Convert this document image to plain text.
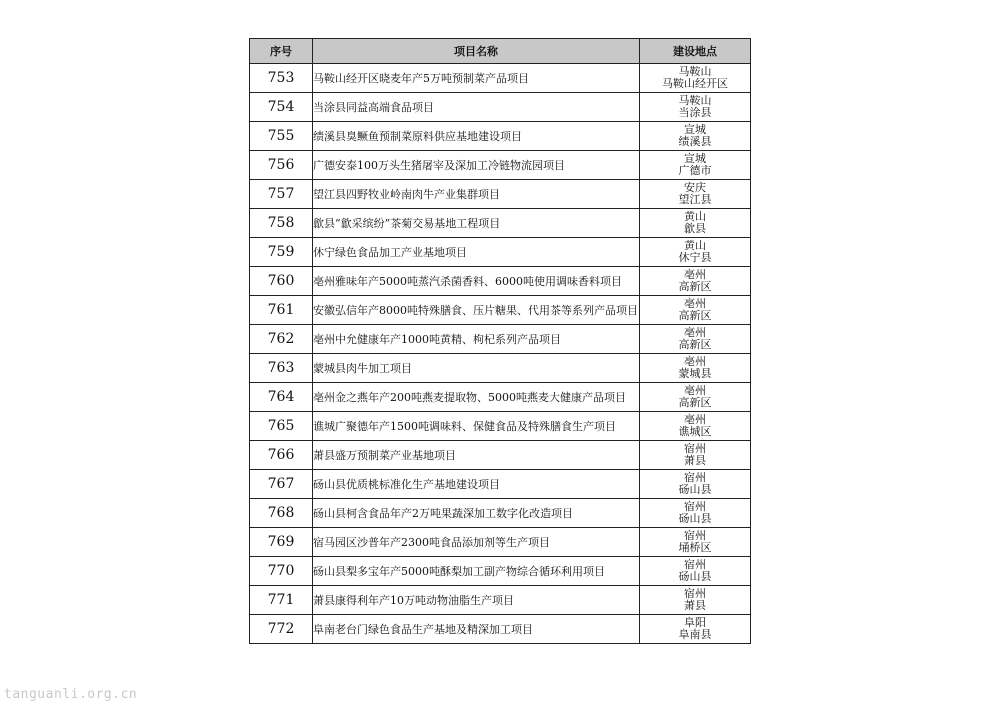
序号	项目名称	建设地点
753	马鞍山经开区晓麦年产5万吨预制菜产品项目	马鞍山
马鞍山经开区

754	当涂县同益高端食品项目	马鞍山
当涂县

755	绩溪县臭鳜鱼预制菜原料供应基地建设项目	宣城
绩溪县

756	广德安泰100万头生猪屠宰及深加工冷链物流园项目	宣城
广德市

757	望江县四野牧业岭南肉牛产业集群项目	安庆
望江县

758	歙县“歙采缤纷”茶菊交易基地工程项目	黄山
歙县

759	休宁绿色食品加工产业基地项目	黄山
休宁县

760	亳州雅味年产5000吨蒸汽杀菌香料、6000吨使用调味香料项目	亳州
高新区

761	安徽弘信年产8000吨特殊膳食、压片糖果、代用茶等系列产品项目	亳州
高新区

762	亳州中允健康年产1000吨黄精、枸杞系列产品项目	亳州
高新区

763	蒙城县肉牛加工项目	亳州
蒙城县

764	亳州金之燕年产200吨燕麦提取物、5000吨燕麦大健康产品项目	亳州
高新区

765	谯城广聚德年产1500吨调味料、保健食品及特殊膳食生产项目	亳州
谯城区

766	萧县盛万预制菜产业基地项目	宿州
萧县

767	砀山县优质桃标准化生产基地建设项目	宿州
砀山县

768	砀山县柯含食品年产2万吨果蔬深加工数字化改造项目	宿州
砀山县

769	宿马园区沙普年产2300吨食品添加剂等生产项目	宿州
埇桥区

770	砀山县梨多宝年产5000吨酥梨加工副产物综合循环利用项目	宿州
砀山县

771	萧县康得利年产10万吨动物油脂生产项目	宿州
萧县

772	阜南老台门绿色食品生产基地及精深加工项目	阜阳
阜南县
tanguanli.org.cn
